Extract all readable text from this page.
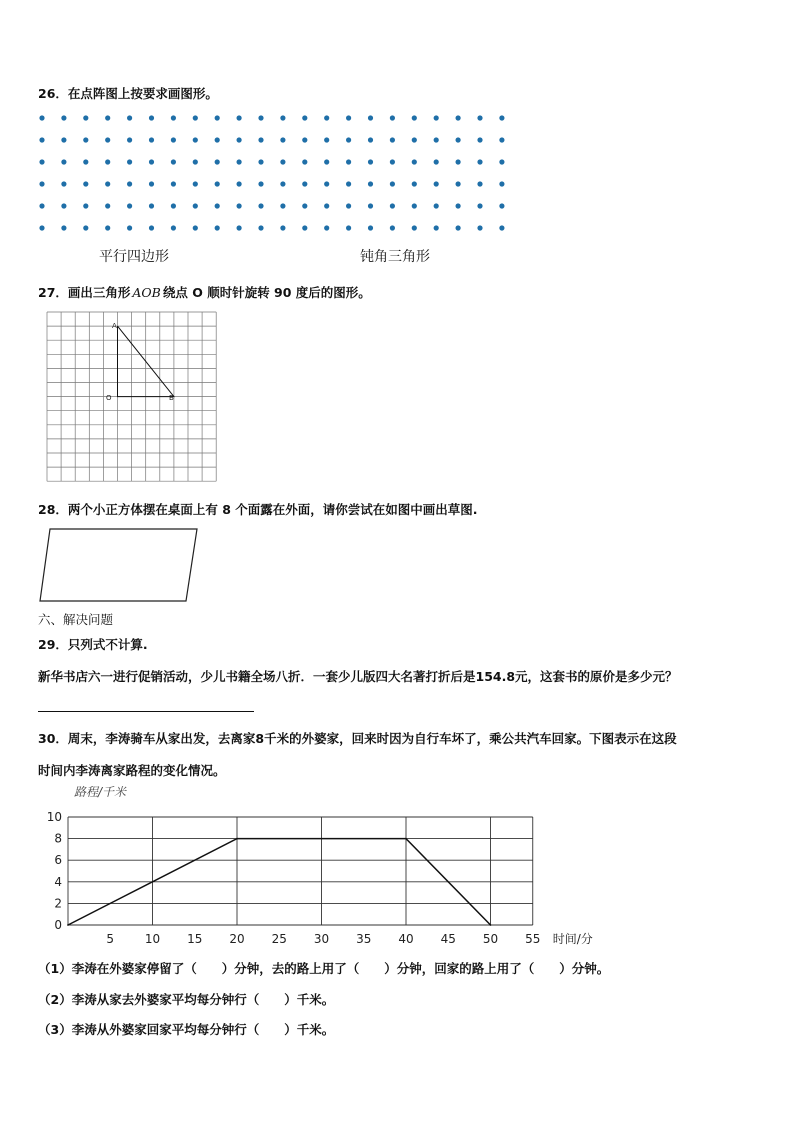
26．在点阵图上按要求画图形。
平行四边形	钝角三角形
27．画出三角形 AOB 绕点 O 顺时针旋转 90 度后的图形。
A
O	B
28．两个小正方体摆在桌面上有 8 个面露在外面，请你尝试在如图中画出草图.
六、解决问题
29．只列式不计算.
新华书店六一进行促销活动，少儿书籍全场八折．一套少儿版四大名著打折后是154.8元，这套书的原价是多少元？
30．周末，李涛骑车从家出发，去离家8千米的外婆家，回来时因为自行车坏了，乘公共汽车回家。下图表示在这段
时间内李涛离家路程的变化情况。
0
2
4
6
8
10
5	10 15 20 25 30 35 40 45 50 55
路程/千米
时间/分
（1）李涛在外婆家停留了（　　）分钟，去的路上用了（　　）分钟，回家的路上用了（　　）分钟。
（2）李涛从家去外婆家平均每分钟行（　　）千米。
（3）李涛从外婆家回家平均每分钟行（　　）千米。
